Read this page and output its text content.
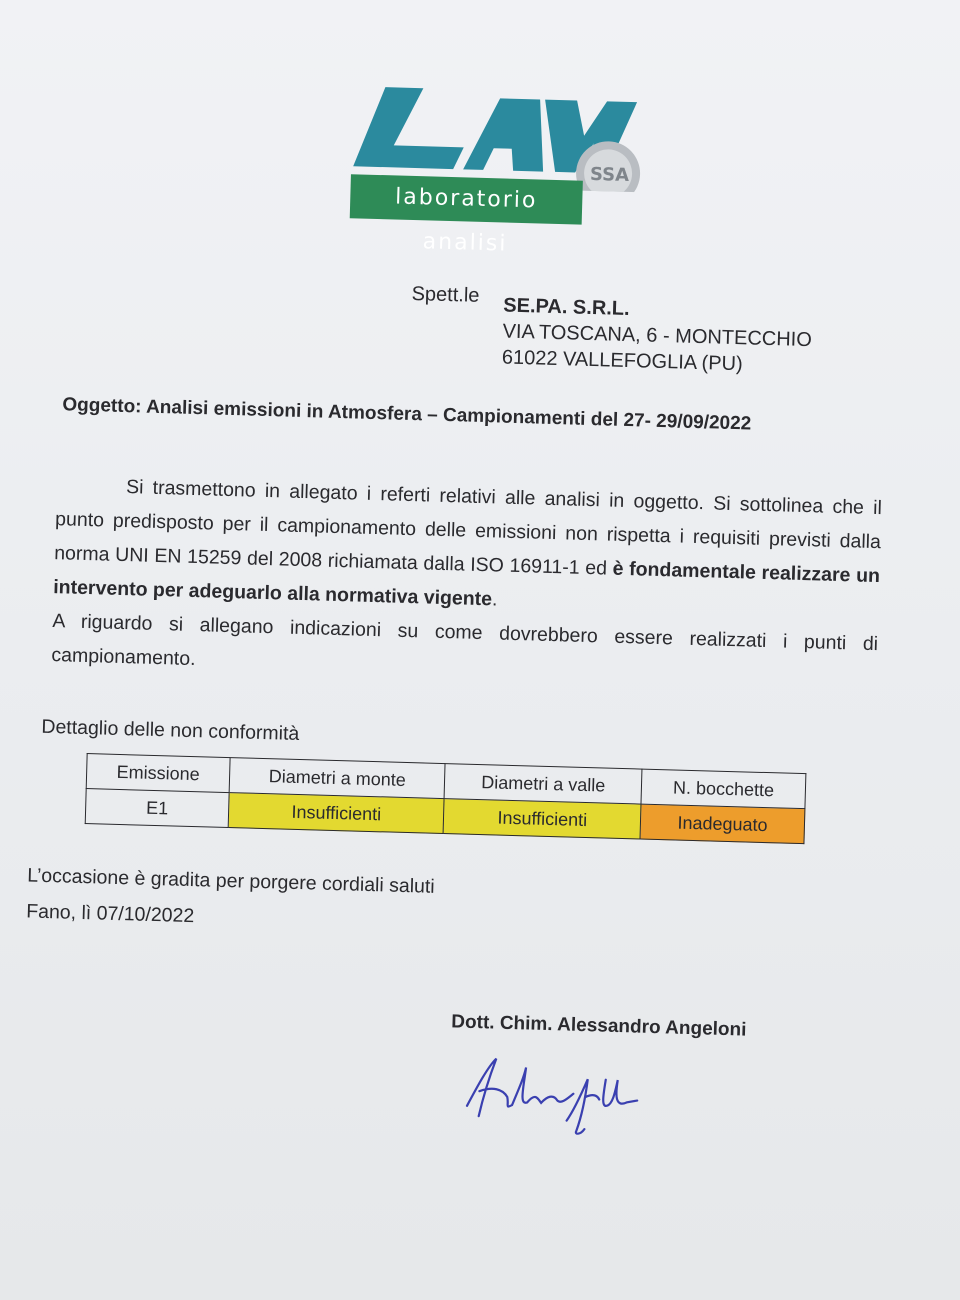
SSA
laboratorio analisi
Spett.le SE.PA. S.R.L.
VIA TOSCANA, 6 - MONTECCHIO
61022 VALLEFOGLIA (PU)
Oggetto: Analisi emissioni in Atmosfera – Campionamenti del 27- 29/09/2022
Si trasmettono in allegato i referti relativi alle analisi in oggetto. Si sottolinea che il punto predisposto per il campionamento delle emissioni non rispetta i requisiti previsti dalla norma UNI EN 15259 del 2008 richiamata dalla ISO 16911-1 ed è fondamentale realizzare un intervento per adeguarlo alla normativa vigente.
A riguardo si allegano indicazioni su come dovrebbero essere realizzati i punti di campionamento.
Dettaglio delle non conformità
Emissione	Diametri a monte	Diametri a valle	N. bocchette
E1	Insufficienti	Insufficienti	Inadeguato
L’occasione è gradita per porgere cordiali saluti
Fano, lì 07/10/2022
Dott. Chim. Alessandro Angeloni
